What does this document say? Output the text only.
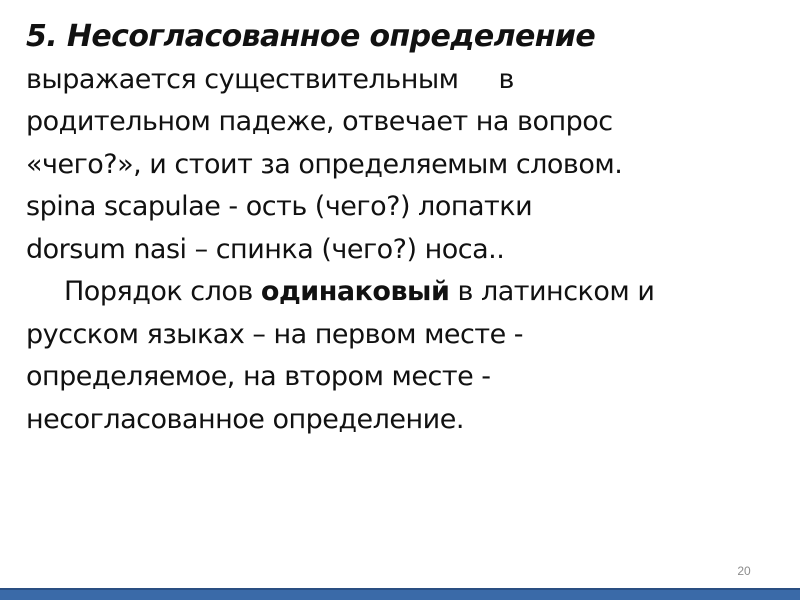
5. Несогласованное определение
выражается существительным в
родительном падеже, отвечает на вопрос
«чего?», и стоит за определяемым словом.
spina scapulae - ость (чего?) лопатки
dorsum nasi – спинка (чего?) носа..
Порядок слов одинаковый в латинском и
русском языках – на первом месте -
определяемое, на втором месте -
несогласованное определение.
20
